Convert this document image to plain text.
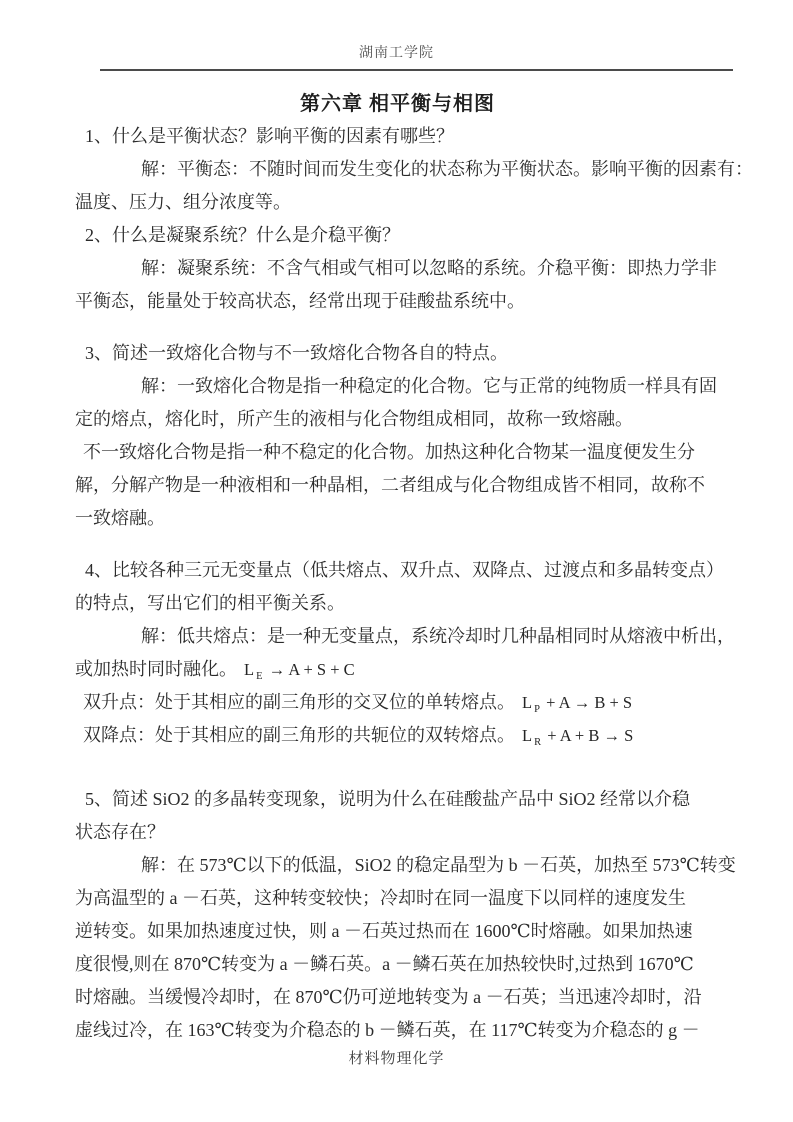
湖南工学院
第六章 相平衡与相图

1、什么是平衡状态？影响平衡的因素有哪些？

解：平衡态：不随时间而发生变化的状态称为平衡状态。影响平衡的因素有：

温度、压力、组分浓度等。

2、什么是凝聚系统？什么是介稳平衡？

解：凝聚系统：不含气相或气相可以忽略的系统。介稳平衡：即热力学非

平衡态，能量处于较高状态，经常出现于硅酸盐系统中。

3、简述一致熔化合物与不一致熔化合物各自的特点。

解：一致熔化合物是指一种稳定的化合物。它与正常的纯物质一样具有固

定的熔点，熔化时，所产生的液相与化合物组成相同，故称一致熔融。

不一致熔化合物是指一种不稳定的化合物。加热这种化合物某一温度便发生分

解，分解产物是一种液相和一种晶相，二者组成与化合物组成皆不相同，故称不

一致熔融。

4、比较各种三元无变量点（低共熔点、双升点、双降点、过渡点和多晶转变点）

的特点，写出它们的相平衡关系。

解：低共熔点：是一种无变量点，系统冷却时几种晶相同时从熔液中析出，

或加热时同时融化。 L $_E$ → A + S + C

双升点：处于其相应的副三角形的交叉位的单转熔点。 L $_P$ + A → B + S

双降点：处于其相应的副三角形的共轭位的双转熔点。 L $_R$ + A + B → S

5、简述 SiO2 的多晶转变现象，说明为什么在硅酸盐产品中 SiO2 经常以介稳

状态存在？

解：在 573℃以下的低温，SiO2 的稳定晶型为 b －石英，加热至 573℃转变

为高温型的 a －石英，这种转变较快；冷却时在同一温度下以同样的速度发生

逆转变。如果加热速度过快，则 a －石英过热而在 1600℃时熔融。如果加热速

度很慢,则在 870℃转变为 a －鳞石英。a －鳞石英在加热较快时,过热到 1670℃

时熔融。当缓慢冷却时，在 870℃仍可逆地转变为 a －石英；当迅速冷却时，沿

虚线过冷，在 163℃转变为介稳态的 b －鳞石英，在 117℃转变为介稳态的 g －

材料物理化学
